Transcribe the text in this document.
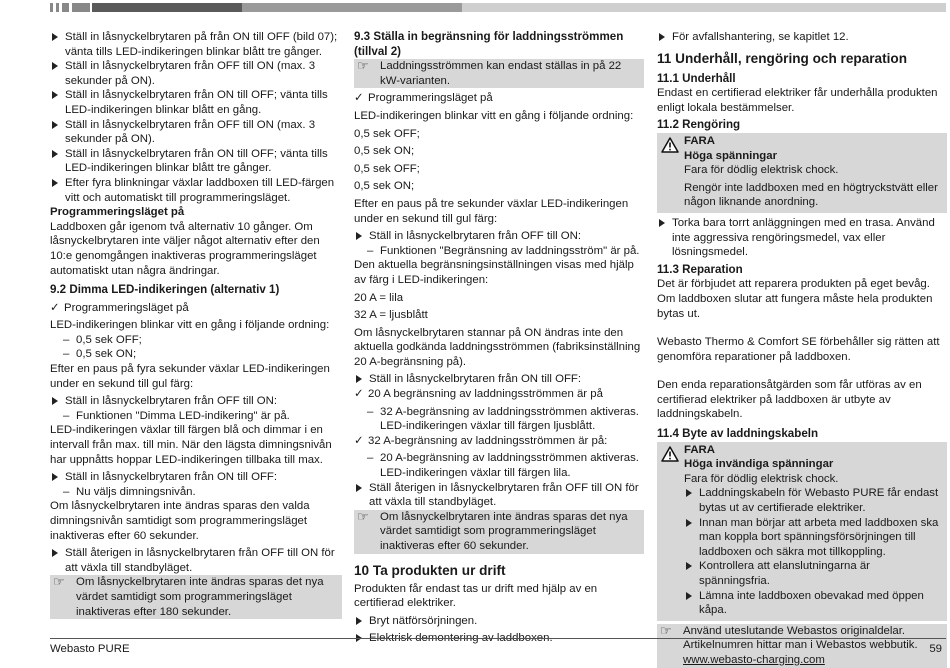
Ställ in låsnyckelbrytaren på från ON till OFF (bild 07); vänta tills LED-indikeringen blinkar blått tre gånger.

Ställ in låsnyckelbrytaren från OFF till ON (max. 3 sekunder på ON).

Ställ in låsnyckelbrytaren från ON till OFF; vänta tills LED-indikeringen blinkar blått en gång.

Ställ in låsnyckelbrytaren från OFF till ON (max. 3 sekunder på ON).

Ställ in låsnyckelbrytaren från ON till OFF; vänta tills LED-indikeringen blinkar blått tre gånger.

Efter fyra blinkningar växlar laddboxen till LED-färgen vitt och automatiskt till programmeringsläget.

Programmeringsläget på

Laddboxen går igenom två alternativ 10 gånger. Om låsnyckelbrytaren inte väljer något alternativ efter den 10:e genomgången inaktiveras programmeringsläget automatiskt utan några ändringar.

9.2 Dimma LED-indikeringen (alternativ 1)

✓ Programmeringsläget på

LED-indikeringen blinkar vitt en gång i följande ordning:

– 0,5 sek OFF;

– 0,5 sek ON;

Efter en paus på fyra sekunder växlar LED-indikeringen under en sekund till gul färg:

Ställ in låsnyckelbrytaren från OFF till ON:

– Funktionen "Dimma LED-indikering" är på.

LED-indikeringen växlar till färgen blå och dimmar i en intervall från max. till min. När den lägsta dimningsnivån har uppnåtts hoppar LED-indikeringen tillbaka till max.

Ställ in låsnyckelbrytaren från ON till OFF:

– Nu väljs dimningsnivån.

Om låsnyckelbrytaren inte ändras sparas den valda dimningsnivån samtidigt som programmeringsläget inaktiveras efter 60 sekunder.

Ställ återigen in låsnyckelbrytaren från OFF till ON för att växla till standbyläget.

☞ Om låsnyckelbrytaren inte ändras sparas det nya värdet samtidigt som programmeringsläget inaktiveras efter 180 sekunder.

9.3 Ställa in begränsning för laddningsströmmen (tillval 2)
☞ Laddningsströmmen kan endast ställas in på 22 kW-varianten.

✓ Programmeringsläget på

LED-indikeringen blinkar vitt en gång i följande ordning:

0,5 sek OFF;

0,5 sek ON;

0,5 sek OFF;

0,5 sek ON;

Efter en paus på tre sekunder växlar LED-indikeringen under en sekund till gul färg:

Ställ in låsnyckelbrytaren från OFF till ON:

– Funktionen "Begränsning av laddningsström" är på.

Den aktuella begränsningsinställningen visas med hjälp av färg i LED-indikeringen:

20 A = lila

32 A = ljusblått

Om låsnyckelbrytaren stannar på ON ändras inte den aktuella godkända laddningsströmmen (fabriksinställning 20 A-begränsning på).

Ställ in låsnyckelbrytaren från ON till OFF:

✓ 20 A begränsning av laddningsströmmen är på

– 32 A-begränsning av laddningsströmmen aktiveras. LED-indikeringen växlar till färgen ljusblått.

✓ 32 A-begränsning av laddningsströmmen är på:

– 20 A-begränsning av laddningsströmmen aktiveras. LED-indikeringen växlar till färgen lila.

Ställ återigen in låsnyckelbrytaren från OFF till ON för att växla till standbyläget.

☞ Om låsnyckelbrytaren inte ändras sparas det nya värdet samtidigt som programmeringsläget inaktiveras efter 60 sekunder.

10 Ta produkten ur drift

Produkten får endast tas ur drift med hjälp av en certifierad elektriker.

Bryt nätförsörjningen.

Elektrisk demontering av laddboxen.

För avfallshantering, se kapitlet 12.

11 Underhåll, rengöring och reparation
11.1 Underhåll

Endast en certifierad elektriker får underhålla produkten enligt lokala bestämmelser.

11.2 Rengöring

FARA

Höga spänningar

Fara för dödlig elektrisk chock.

Rengör inte laddboxen med en högtryckstvätt eller någon liknande anordning.

Torka bara torrt anläggningen med en trasa. Använd inte aggressiva rengöringsmedel, vax eller lösningsmedel.

11.3 Reparation

Det är förbjudet att reparera produkten på eget bevåg. Om laddboxen slutar att fungera måste hela produkten bytas ut.

Webasto Thermo & Comfort SE förbehåller sig rätten att genomföra reparationer på laddboxen.

Den enda reparationsåtgärden som får utföras av en certifierad elektriker på laddboxen är utbyte av laddningskabeln.

11.4 Byte av laddningskabeln

FARA

Höga invändiga spänningar

Fara för dödlig elektrisk chock.

Laddningskabeln för Webasto PURE får endast bytas ut av certifierade elektriker.

Innan man börjar att arbeta med laddboxen ska man koppla bort spänningsförsörjningen till laddboxen och säkra mot tillkoppling.

Kontrollera att elanslutningarna är spänningsfria.

Lämna inte laddboxen obevakad med öppen kåpa.

☞ Använd uteslutande Webastos originaldelar.

Artikelnumren hittar man i Webastos webbutik.

www.webasto-charging.com

Webasto PURE	59
